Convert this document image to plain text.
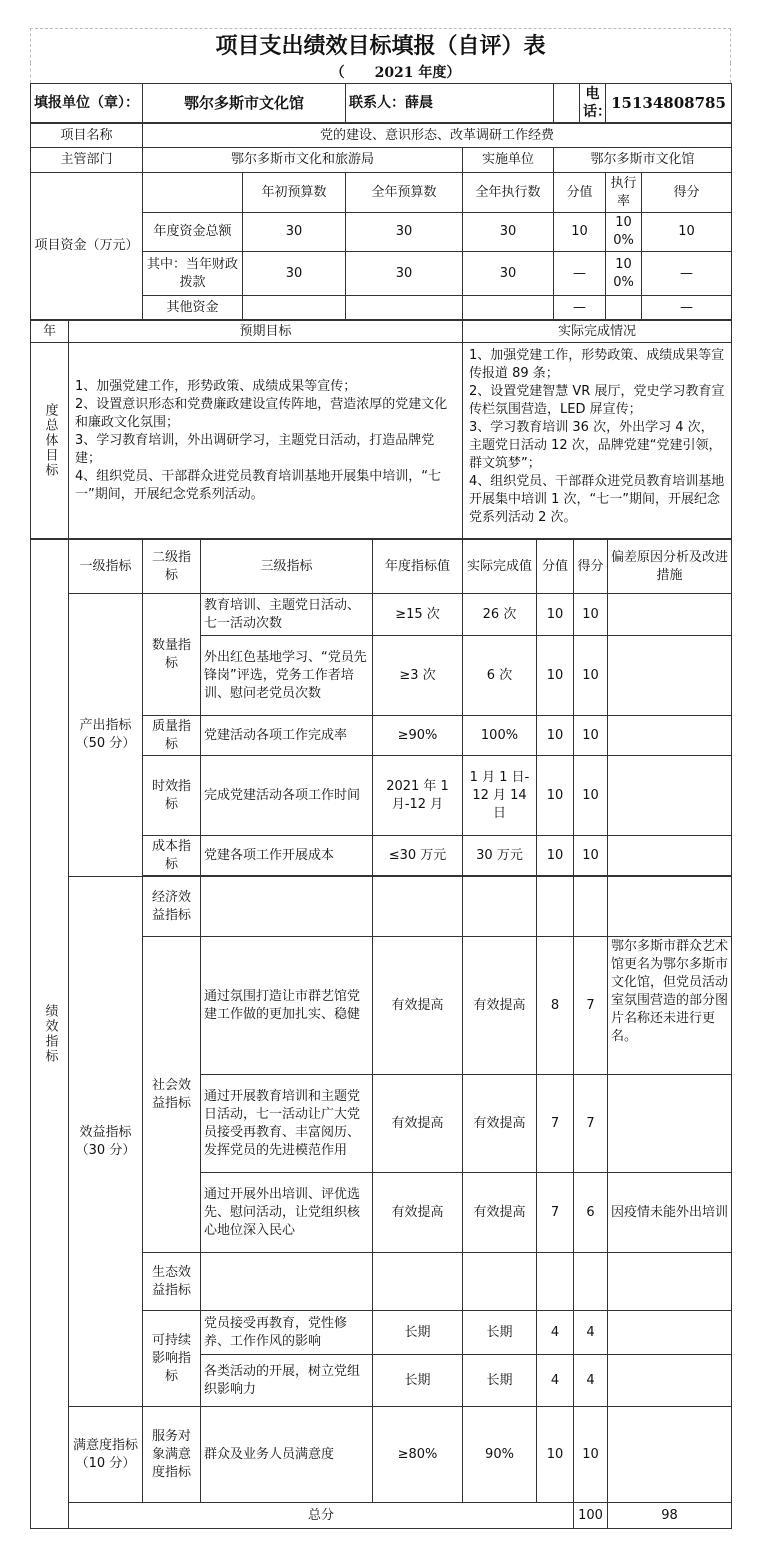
项目支出绩效目标填报（自评）表
（ 2021 年度）
填报单位（章）：	鄂尔多斯市文化馆	联系人：薛晨		电话：	15134808785
项目名称	党的建设、意识形态、改革调研工作经费						
主管部门	鄂尔多斯市文化和旅游局			实施单位	鄂尔多斯市文化馆		
项目资金（万元）		年初预算数	全年预算数	全年执行数	分值	执行率	得分
	年度资金总额	30	30	30	10	100%	10
	其中：当年财政拨款	30	30	30	—	100%	—
	其他资金				—		—
年	预期目标	实际完成情况

度总体目标	1、加强党建工作，形势政策、成绩成果等宣传；
2、设置意识形态和党费廉政建设宣传阵地，营造浓厚的党建文化和廉政文化氛围；
3、学习教育培训，外出调研学习，主题党日活动，打造品牌党建；
4、组织党员、干部群众进党员教育培训基地开展集中培训，“七一”期间，开展纪念党系列活动。	1、加强党建工作，形势政策、成绩成果等宣传报道 89 条；
2、设置党建智慧 VR 展厅，党史学习教育宣传栏氛围营造，LED 屏宣传；
3、学习教育培训 36 次，外出学习 4 次，主题党日活动 12 次，品牌党建“党建引领，群文筑梦”；
4、组织党员、干部群众进党员教育培训基地开展集中培训 1 次，“七一”期间，开展纪念党系列活动 2 次。
绩效指标	一级指标	二级指标	三级指标	年度指标值	实际完成值	分值	得分	偏差原因分析及改进措施	
	产出指标（50 分）	数量指标	教育培训、主题党日活动、七一活动次数	≥15 次	26 次	10	10		
			外出红色基地学习、“党员先锋岗”评选，党务工作者培训、慰问老党员次数	≥3 次	6 次	10	10		
		质量指标	党建活动各项工作完成率	≥90%	100%	10	10		
		时效指标	完成党建活动各项工作时间	2021 年 1 月-12 月	1 月 1 日-12 月 14 日	10	10		
		成本指标	党建各项工作开展成本	≤30 万元	30 万元	10	10		

	效益指标（30 分）	经济效益指标							
		社会效益指标	通过氛围打造让市群艺馆党建工作做的更加扎实、稳健	有效提高	有效提高	8	7	鄂尔多斯市群众艺术馆更名为鄂尔多斯市文化馆，但党员活动室氛围营造的部分图片名称还未进行更名。	
			通过开展教育培训和主题党日活动，七一活动让广大党员接受再教育、丰富阅历、发挥党员的先进模范作用	有效提高	有效提高	7	7		
			通过开展外出培训、评优选先、慰问活动，让党组织核心地位深入民心	有效提高	有效提高	7	6	因疫情未能外出培训	
		生态效益指标							
		可持续影响指标	党员接受再教育，党性修养、工作作风的影响	长期	长期	4	4		
			各类活动的开展，树立党组织影响力	长期	长期	4	4		
	满意度指标（10 分）	服务对象满意度指标	群众及业务人员满意度	≥80%	90%	10	10		
	总分						100	98	
